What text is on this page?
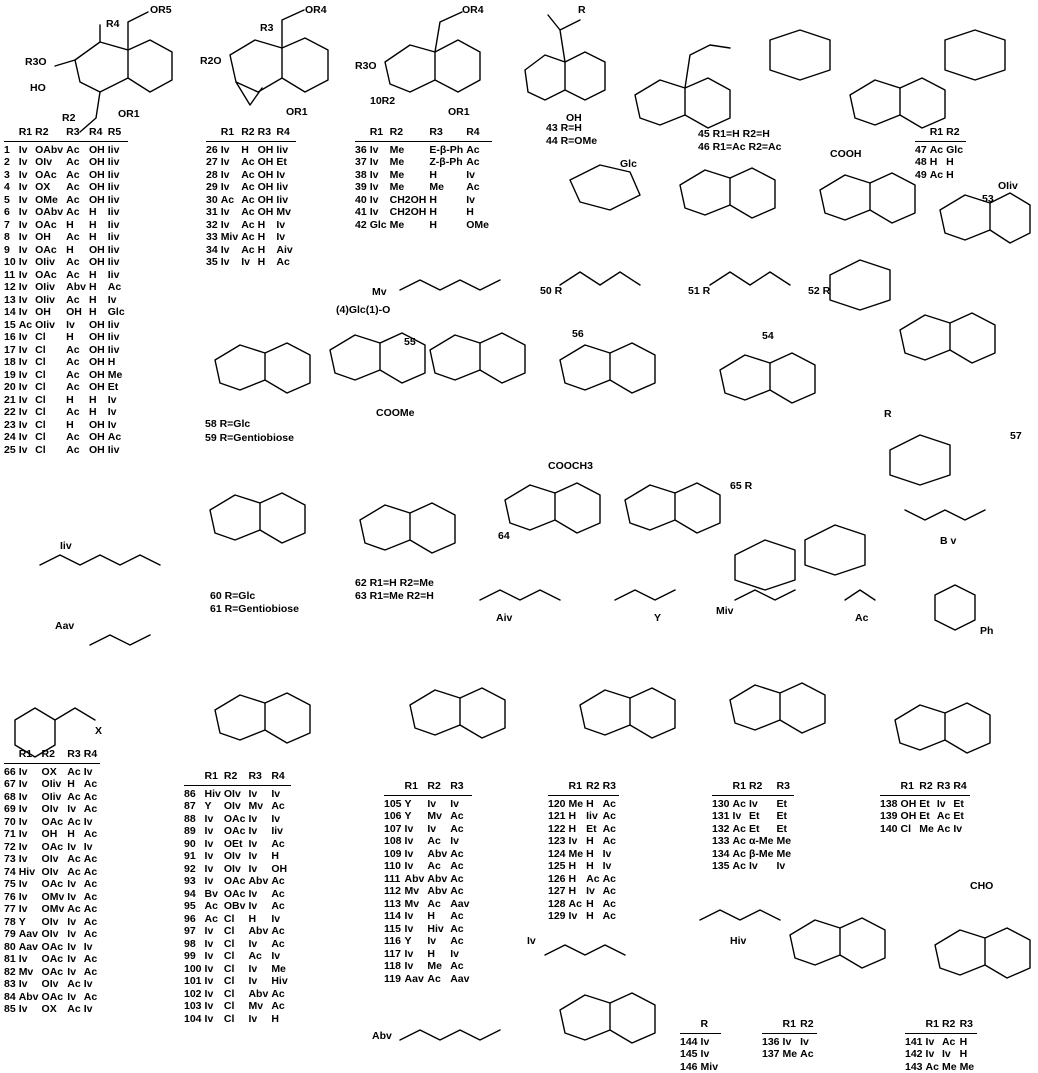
	R1	R2	R3	R4	R5
1	Iv	OAbv	Ac	OH	Iiv
2	Iv	OIv	Ac	OH	Iiv
3	Iv	OAc	Ac	OH	Iiv
4	Iv	OX	Ac	OH	Iiv
5	Iv	OMe	Ac	OH	Iiv
6	Iv	OAbv	Ac	H	Iiv
7	Iv	OAc	H	H	Iiv
8	Iv	OH	Ac	H	Iiv
9	Iv	OAc	H	OH	Iiv
10	Iv	OIiv	Ac	OH	Iiv
11	Iv	OAc	Ac	H	Iiv
12	Iv	OIiv	Abv	H	Ac
13	Iv	OIiv	Ac	H	Iv
14	Iv	OH	OH	H	Glc
15	Ac	OIiv	Iv	OH	Iiv
16	Iv	Cl	H	OH	Iiv
17	Iv	Cl	Ac	OH	Iiv
18	Iv	Cl	Ac	OH	H
19	Iv	Cl	Ac	OH	Me
20	Iv	Cl	Ac	OH	Et
21	Iv	Cl	H	H	Iv
22	Iv	Cl	Ac	H	Iv
23	Iv	Cl	H	OH	Iv
24	Iv	Cl	Ac	OH	Ac
25	Iv	Cl	Ac	OH	Iiv
	R1	R2	R3	R4
26	Iv	H	OH	Iiv
27	Iv	Ac	OH	Et
28	Iv	Ac	OH	Iv
29	Iv	Ac	OH	Iiv
30	Ac	Ac	OH	Iiv
31	Iv	Ac	OH	Mv
32	Iv	Ac	H	Iv
33	Miv	Ac	H	Iv
34	Iv	Ac	H	Aiv
35	Iv	Iv	H	Ac
	R1	R2	R3	R4
36	Iv	Me	E-β-Ph	Ac
37	Iv	Me	Z-β-Ph	Ac
38	Iv	Me	H	Iv
39	Iv	Me	Me	Ac
40	Iv	CH2OH	H	Iv
41	Iv	CH2OH	H	H
42	Glc	Me	H	OMe
	R1	R2
47	Ac	Glc
48	H	H
49	Ac	H
	R1	R2	R3	R4
66	Iv	OX	Ac	Iv
67	Iv	OIiv	H	Ac
68	Iv	OIiv	Ac	Ac
69	Iv	OIv	Iv	Ac
70	Iv	OAc	Ac	Iv
71	Iv	OH	H	Ac
72	Iv	OAc	Iv	Iv
73	Iv	OIv	Ac	Ac
74	Hiv	OIv	Ac	Ac
75	Iv	OAc	Iv	Ac
76	Iv	OMv	Iv	Ac
77	Iv	OMv	Ac	Ac
78	Y	OIv	Iv	Ac
79	Aav	OIv	Iv	Ac
80	Aav	OAc	Iv	Iv
81	Iv	OAc	Iv	Ac
82	Mv	OAc	Iv	Ac
83	Iv	OIv	Ac	Iv
84	Abv	OAc	Iv	Ac
85	Iv	OX	Ac	Iv
	R1	R2	R3	R4
86	Hiv	OIv	Iv	Iv
87	Y	OIv	Mv	Ac
88	Iv	OAc	Iv	Iv
89	Iv	OAc	Iv	Iiv
90	Iv	OEt	Iv	Ac
91	Iv	OIv	Iv	H
92	Iv	OIv	Iv	OH
93	Iv	OAc	Abv	Ac
94	Bv	OAc	Iv	Ac
95	Ac	OBv	Iv	Ac
96	Ac	Cl	H	Iv
97	Iv	Cl	Abv	Ac
98	Iv	Cl	Iv	Ac
99	Iv	Cl	Ac	Iv
100	Iv	Cl	Iv	Me
101	Iv	Cl	Iv	Hiv
102	Iv	Cl	Abv	Ac
103	Iv	Cl	Mv	Ac
104	Iv	Cl	Iv	H
	R1	R2	R3
105	Y	Iv	Iv
106	Y	Mv	Ac
107	Iv	Iv	Ac
108	Iv	Ac	Iv
109	Iv	Abv	Ac
110	Iv	Ac	Ac
111	Abv	Abv	Ac
112	Mv	Abv	Ac
113	Mv	Ac	Aav
114	Iv	H	Ac
115	Iv	Hiv	Ac
116	Y	Iv	Ac
117	Iv	H	Iv
118	Iv	Me	Ac
119	Aav	Ac	Aav
	R1	R2	R3
120	Me	H	Ac
121	H	Iiv	Ac
122	H	Et	Ac
123	Iv	H	Ac
124	Me	H	Iv
125	H	H	Iv
126	H	Ac	Ac
127	H	Iv	Ac
128	Ac	H	Ac
129	Iv	H	Ac
	R1	R2	R3
130	Ac	Iv	Et
131	Iv	Et	Et
132	Ac	Et	Et
133	Ac	α-Me	Me
134	Ac	β-Me	Me
135	Ac	Iv	Iv
	R1	R2	R3	R4
138	OH	Et	Iv	Et
139	OH	Et	Ac	Et
140	Cl	Me	Ac	Iv
	R1	R2
136	Iv	Iv
137	Me	Ac
	R1	R2	R3
141	Iv	Ac	H
142	Iv	Iv	H
143	Ac	Me	Me
	R
144	Iv
145	Iv
146	Miv
R4
OR5
R3O
HO
R2	OR1
OR4
R3
R2O
OR1
OR4
R3O
10R2
OR1
R
OH
43 R=H
44 R=OMe
45 R1=H R2=H
46 R1=Ac R2=Ac
Glc
Mv	50 R	51 R	52 R
53
OIiv
COOH
54
55
(4)Glc(1)-O
COOMe
56
57
R
58 R=Glc
59 R=Gentiobiose
60 R=Glc
61 R=Gentiobiose
62 R1=H R2=Me
63 R1=Me R2=H
64
COOCH3
65 R
Iiv
Aav
Aiv	Y
Miv
Ac
B v
Ph
X
Iv	Hiv
Abv
CHO
